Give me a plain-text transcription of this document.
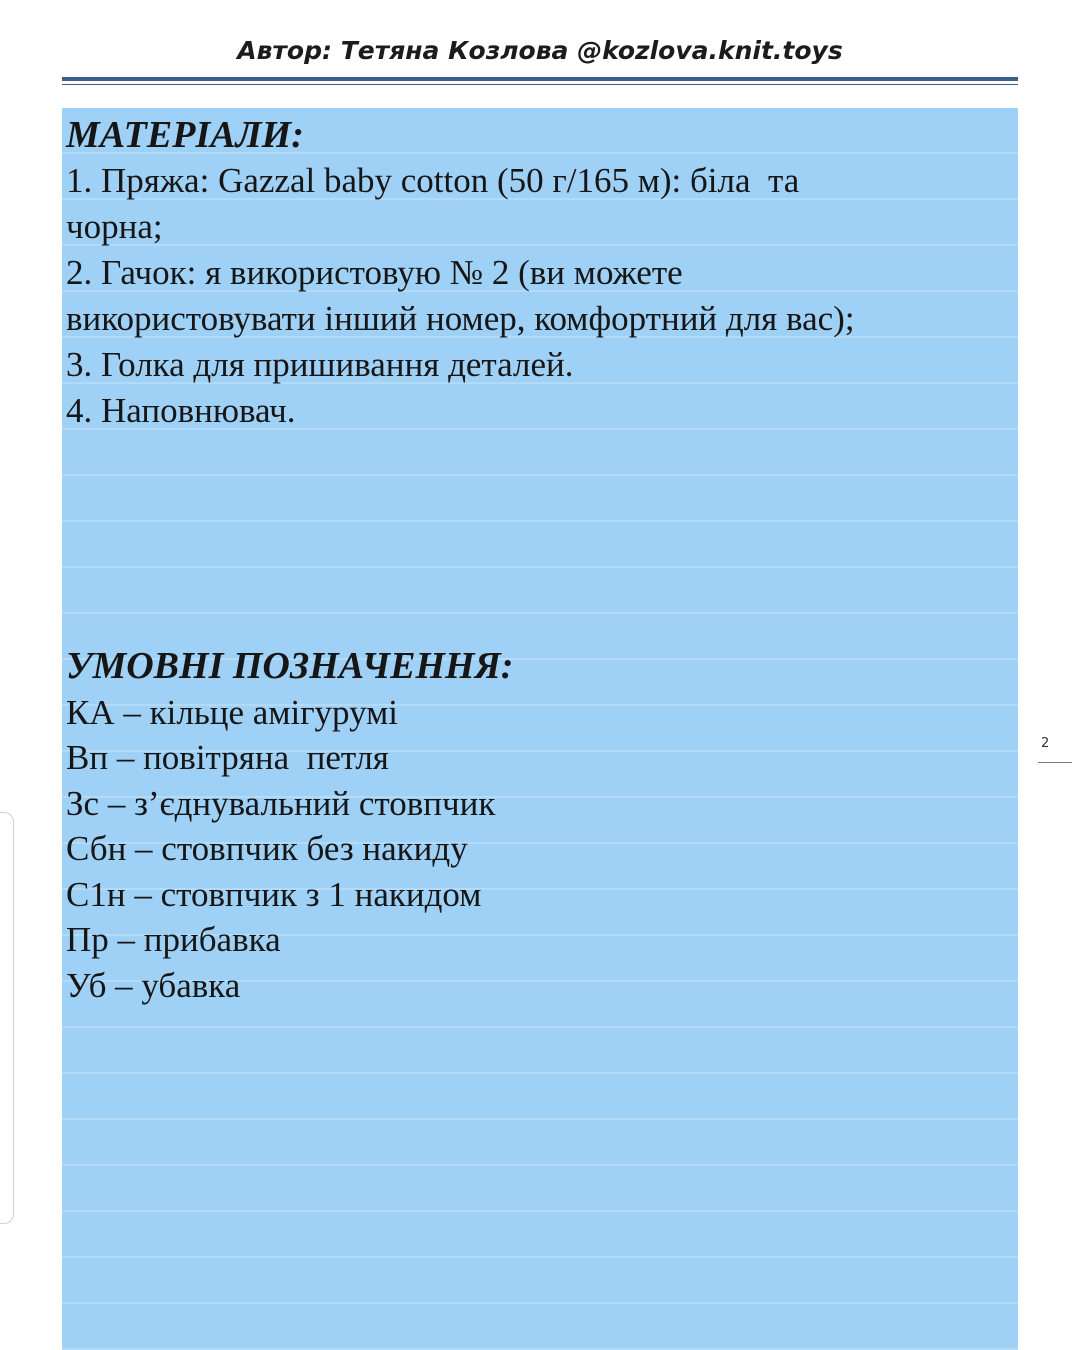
Автор: Тетяна Козлова @kozlova.knit.toys
МАТЕРІАЛИ:
1. Пряжа: Gazzal baby cotton (50 г/165 м): біла  та
чорна;
2. Гачок: я використовую № 2 (ви можете
використовувати інший номер, комфортний для вас);
3. Голка для пришивання деталей.
4. Наповнювач.
УМОВНІ ПОЗНАЧЕННЯ:
КА – кільце амігурумі
Вп – повітряна  петля
Зс – з’єднувальний стовпчик
Сбн – стовпчик без накиду
С1н – стовпчик з 1 накидом
Пр – прибавка
Уб – убавка
2
